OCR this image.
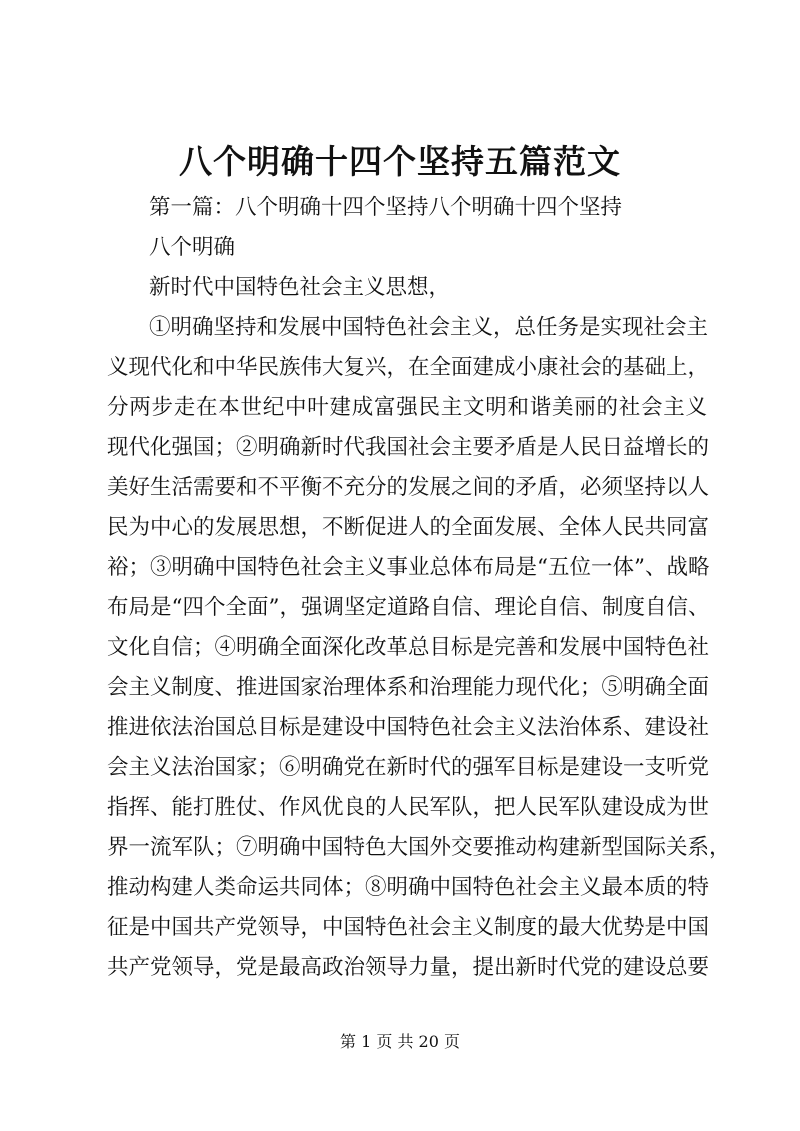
八个明确十四个坚持五篇范文
第一篇：八个明确十四个坚持八个明确十四个坚持
八个明确
新时代中国特色社会主义思想，
①明确坚持和发展中国特色社会主义，总任务是实现社会主
义现代化和中华民族伟大复兴，在全面建成小康社会的基础上，
分两步走在本世纪中叶建成富强民主文明和谐美丽的社会主义
现代化强国；②明确新时代我国社会主要矛盾是人民日益增长的
美好生活需要和不平衡不充分的发展之间的矛盾，必须坚持以人
民为中心的发展思想，不断促进人的全面发展、全体人民共同富
裕；③明确中国特色社会主义事业总体布局是“五位一体”、战略
布局是“四个全面”，强调坚定道路自信、理论自信、制度自信、
文化自信；④明确全面深化改革总目标是完善和发展中国特色社
会主义制度、推进国家治理体系和治理能力现代化；⑤明确全面
推进依法治国总目标是建设中国特色社会主义法治体系、建设社
会主义法治国家；⑥明确党在新时代的强军目标是建设一支听党
指挥、能打胜仗、作风优良的人民军队，把人民军队建设成为世
界一流军队；⑦明确中国特色大国外交要推动构建新型国际关系，
推动构建人类命运共同体；⑧明确中国特色社会主义最本质的特
征是中国共产党领导，中国特色社会主义制度的最大优势是中国
共产党领导，党是最高政治领导力量，提出新时代党的建设总要
第 1 页 共 20 页
